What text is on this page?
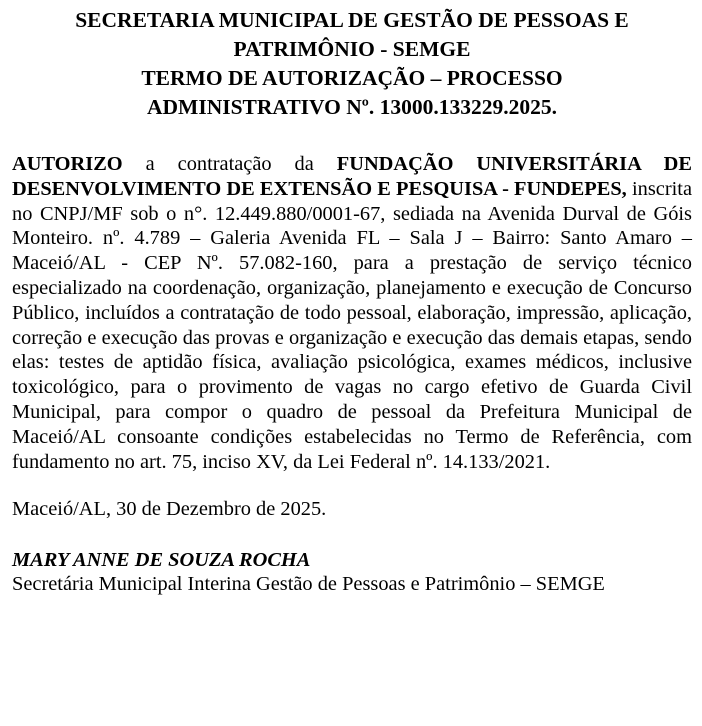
SECRETARIA MUNICIPAL DE GESTÃO DE PESSOAS E
PATRIMÔNIO - SEMGE
TERMO DE AUTORIZAÇÃO – PROCESSO
ADMINISTRATIVO Nº. 13000.133229.2025.
AUTORIZO a contratação da FUNDAÇÃO UNIVERSITÁRIA DE DESENVOLVIMENTO DE EXTENSÃO E PESQUISA - FUNDEPES, inscrita no CNPJ/MF sob o n°. 12.449.880/0001-67, sediada na Avenida Durval de Góis Monteiro. nº. 4.789 – Galeria Avenida FL – Sala J – Bairro: Santo Amaro – Maceió/AL - CEP Nº. 57.082-160, para a prestação de serviço técnico especializado na coordenação, organização, planejamento e execução de Concurso Público, incluídos a contratação de todo pessoal, elaboração, impressão, aplicação, correção e execução das provas e organização e execução das demais etapas, sendo elas: testes de aptidão física, avaliação psicológica, exames médicos, inclusive toxicológico, para o provimento de vagas no cargo efetivo de Guarda Civil Municipal, para compor o quadro de pessoal da Prefeitura Municipal de Maceió/AL consoante condições estabelecidas no Termo de Referência, com fundamento no art. 75, inciso XV, da Lei Federal nº. 14.133/2021.
Maceió/AL, 30 de Dezembro de 2025.
MARY ANNE DE SOUZA ROCHA
Secretária Municipal Interina Gestão de Pessoas e Patrimônio – SEMGE
